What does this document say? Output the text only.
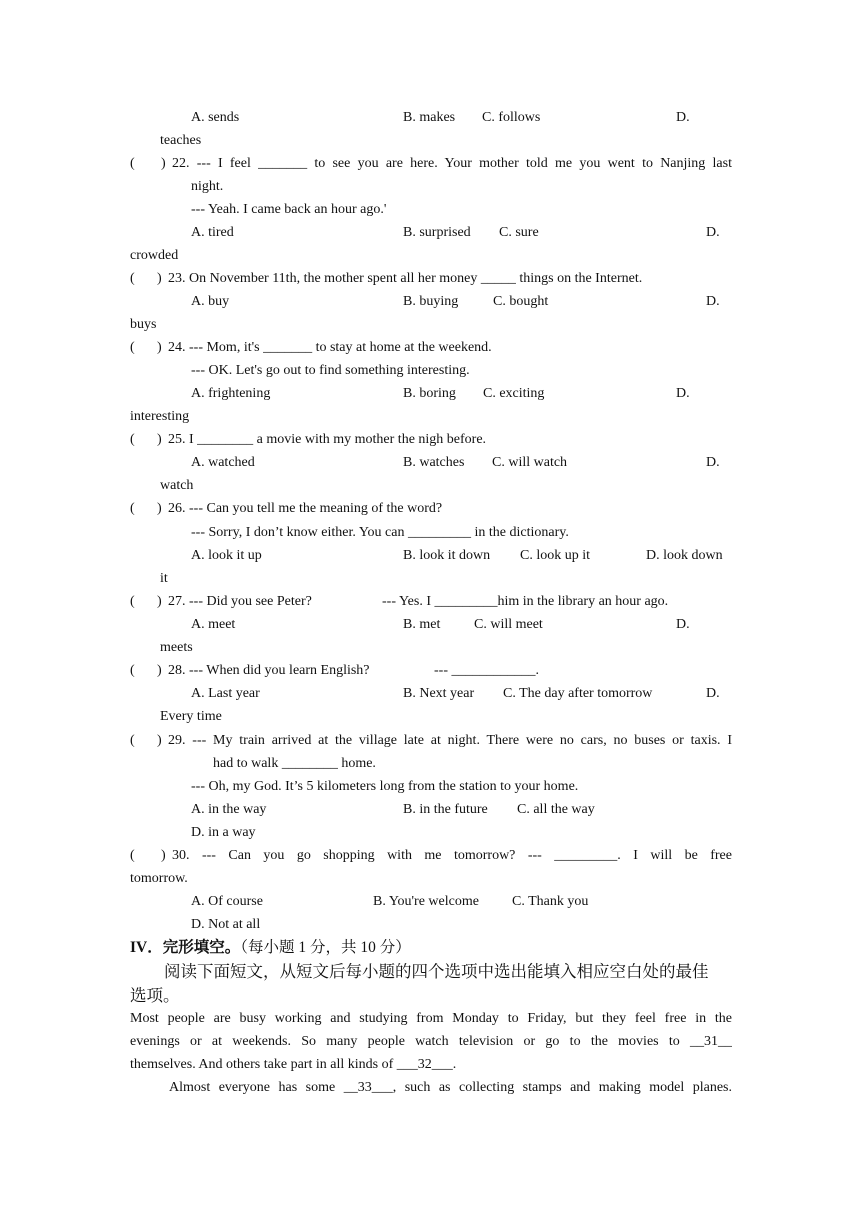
A. sends	B. makes C. follows	D.
teaches
( ) 22. --- I feel _______ to see you are here. Your mother told me you went to Nanjing last
night.
--- Yeah. I came back an hour ago.'
A. tired	B. surprised C. sure	D.
crowded
( ) 23. On November 11th, the mother spent all her money _____ things on the Internet.
A. buy	B. buying C. bought	D.
buys
( ) 24. --- Mom, it's _______ to stay at home at the weekend.
--- OK. Let's go out to find something interesting.
A. frightening	B. boring C. exciting	D.
interesting
( ) 25. I ________ a movie with my mother the nigh before.
A. watched	B. watches C. will watch	D.
watch
( ) 26. --- Can you tell me the meaning of the word?
--- Sorry, I don’t know either. You can _________ in the dictionary.
A. look it up	B. look it down C. look up it	D. look down
it
( ) 27. --- Did you see Peter?	--- Yes. I _________him in the library an hour ago.
A. meet	B. met C. will meet	D.
meets
( ) 28. --- When did you learn English?	--- ____________.
A. Last year	B. Next year C. The day after tomorrow	D.
Every time
( ) 29. --- My train arrived at the village late at night. There were no cars, no buses or taxis. I
had to walk ________ home.
--- Oh, my God. It’s 5 kilometers long from the station to your home.
A. in the way	B. in the future C. all the way
D. in a way
( ) 30. --- Can you go shopping with me tomorrow? --- _________. I will be free
tomorrow.
A. Of course	B. You're welcome C. Thank you
D. Not at all
IV．完形填空。（每小题 1 分，共 10 分）
阅读下面短文，从短文后每小题的四个选项中选出能填入相应空白处的最佳
选项。
Most people are busy working and studying from Monday to Friday, but they feel free in the
evenings or at weekends. So many people watch television or go to the movies to __31__
themselves. And others take part in all kinds of ___32___.
Almost everyone has some __33___, such as collecting stamps and making model planes.
